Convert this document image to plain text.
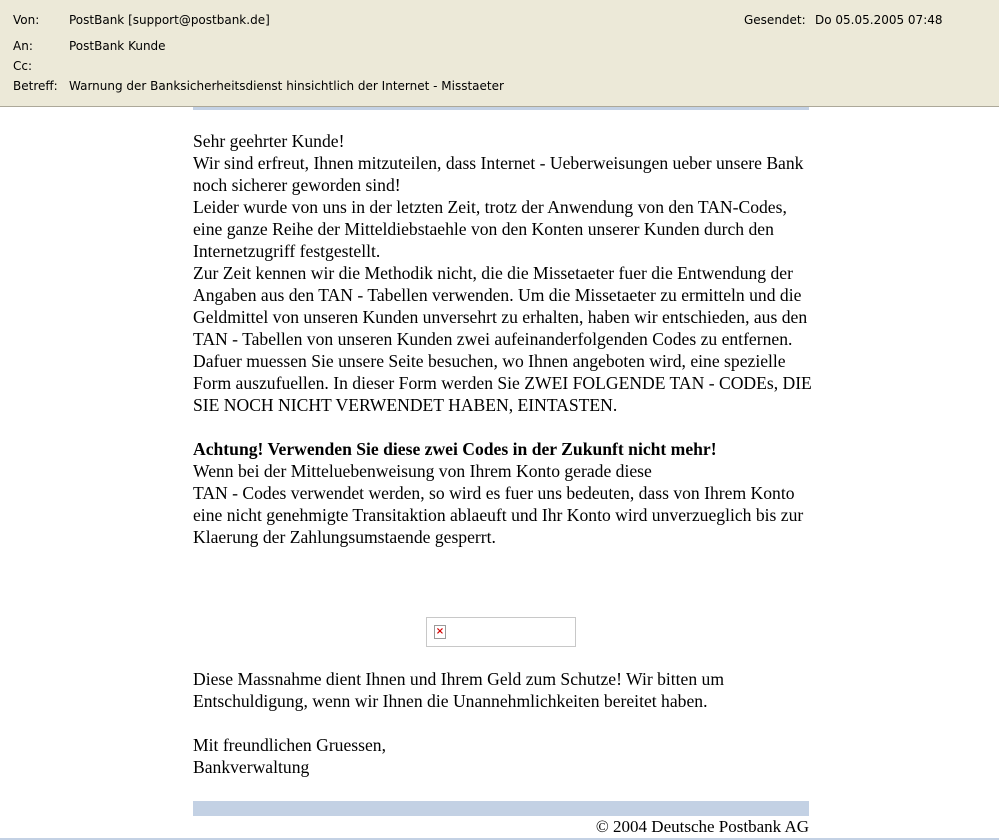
Von: PostBank [support@postbank.de]	Gesendet: Do 05.05.2005 07:48
An:	PostBank Kunde
Cc:
Betreff: Warnung der Banksicherheitsdienst hinsichtlich der Internet - Misstaeter

Sehr geehrter Kunde!

Wir sind erfreut, Ihnen mitzuteilen, dass Internet - Ueberweisungen ueber unsere Bank noch sicherer geworden sind!

Leider wurde von uns in der letzten Zeit, trotz der Anwendung von den TAN-Codes, eine ganze Reihe der Mitteldiebstaehle von den Konten unserer Kunden durch den Internetzugriff festgestellt.

Zur Zeit kennen wir die Methodik nicht, die die Missetaeter fuer die Entwendung der Angaben aus den TAN - Tabellen verwenden. Um die Missetaeter zu ermitteln und die Geldmittel von unseren Kunden unversehrt zu erhalten, haben wir entschieden, aus den TAN - Tabellen von unseren Kunden zwei aufeinanderfolgenden Codes zu entfernen.

Dafuer muessen Sie unsere Seite besuchen, wo Ihnen angeboten wird, eine spezielle Form auszufuellen. In dieser Form werden Sie ZWEI FOLGENDE TAN - CODEs, DIE SIE NOCH NICHT VERWENDET HABEN, EINTASTEN.

Achtung! Verwenden Sie diese zwei Codes in der Zukunft nicht mehr!

Wenn bei der Mitteluebenweisung von Ihrem Konto gerade diese

TAN - Codes verwendet werden, so wird es fuer uns bedeuten, dass von Ihrem Konto eine nicht genehmigte Transitaktion ablaeuft und Ihr Konto wird unverzueglich bis zur Klaerung der Zahlungsumstaende gesperrt.

×

Diese Massnahme dient Ihnen und Ihrem Geld zum Schutze! Wir bitten um Entschuldigung, wenn wir Ihnen die Unannehmlichkeiten bereitet haben.

Mit freundlichen Gruessen,

Bankverwaltung

© 2004 Deutsche Postbank AG
